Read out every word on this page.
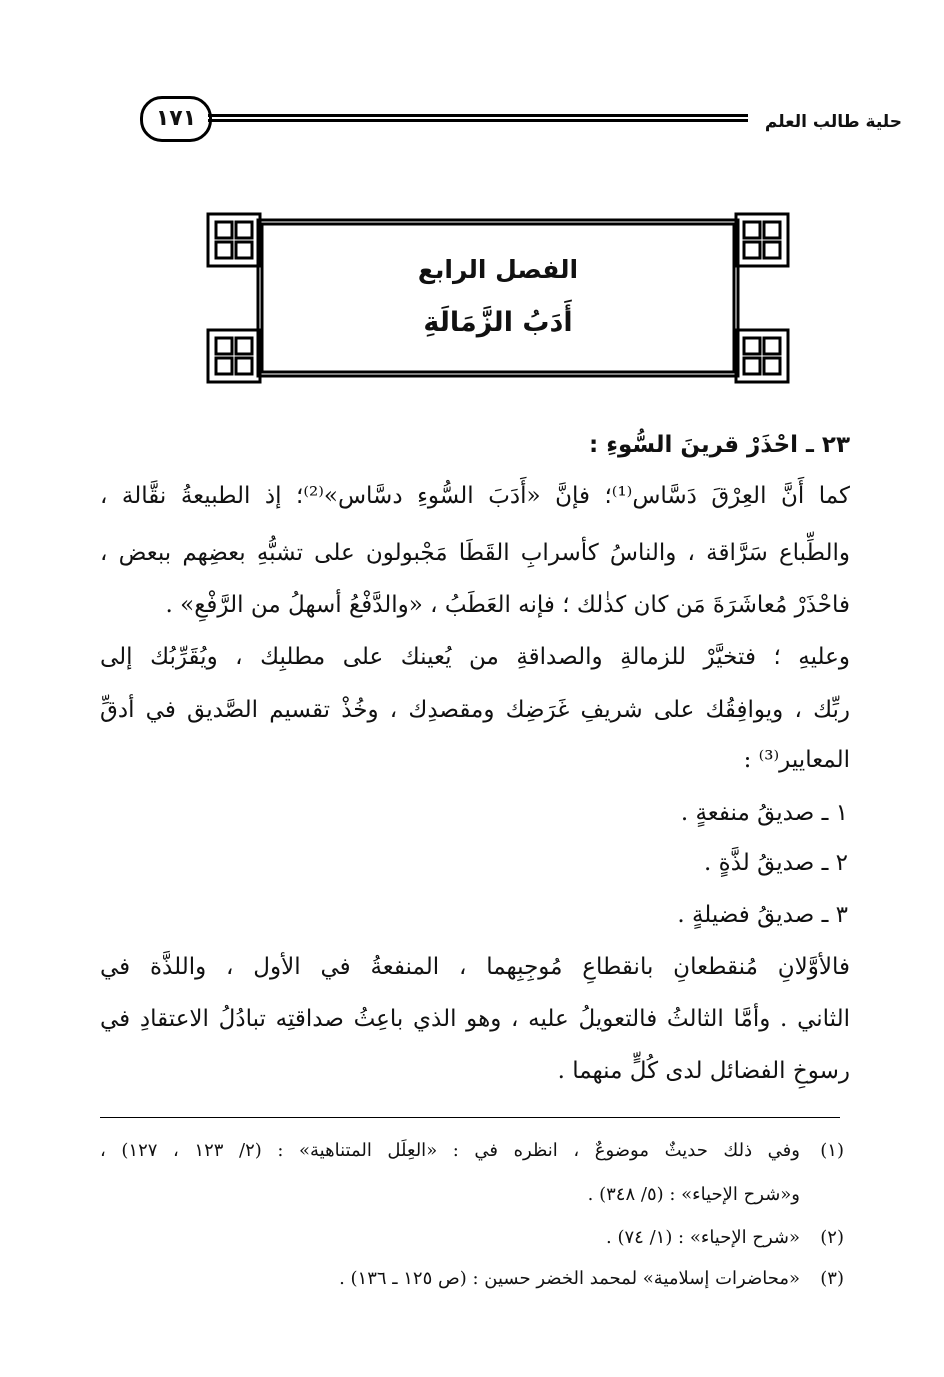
حلية طالب العلم
١٧١
الفصل الرابع
أَدَبُ الزَّمَالَةِ
٢٣ ـ احْذَرْ قرينَ السُّوءِ :
كما أَنَّ العِرْقَ دَسَّاس⁽¹⁾؛ فإنَّ «أَدَبَ السُّوءِ دسَّاس»⁽²⁾؛ إذ الطبيعةُ نقَّالة ،
والطِّباع سَرَّاقة ، والناسُ كأسرابِ القَطَا مَجْبولون على تشبُّهِ بعضِهم ببعض ،
فاحْذَرْ مُعاشَرَةَ مَن كان كذٰلك ؛ فإنه العَطَبُ ، «والدَّفْعُ أسهلُ من الرَّفْعِ» .
وعليهِ ؛ فتخيَّرْ للزمالةِ والصداقةِ من يُعينك على مطلبِك ، ويُقَرِّبُك إلى
ربِّك ، ويوافِقُك على شريفِ غَرَضِك ومقصدِك ، وخُذْ تقسيم الصَّديق في أدقِّ
المعايير⁽³⁾ :
١ ـ صديقُ منفعةٍ .
٢ ـ صديقُ لذَّةٍ .
٣ ـ صديقُ فضيلةٍ .
فالأوَّلانِ مُنقطعانِ بانقطاعِ مُوجِبِهما ، المنفعةُ في الأول ، واللذَّة في
الثاني . وأمَّا الثالثُ فالتعويلُ عليه ، وهو الذي باعِثُ صداقتِه تبادُلُ الاعتقادِ في
رسوخِ الفضائل لدى كُلٍّ منهما .
(١)
وفي ذلك حديثٌ موضوعٌ ، انظره في : «العِلَل المتناهية» : (٢/ ١٢٣ ، ١٢٧) ،
و«شرح الإحياء» : (٥/ ٣٤٨) .
(٢)
«شرح الإحياء» : (١/ ٧٤) .
(٣)
«محاضرات إسلامية» لمحمد الخضر حسين : (ص ١٢٥ ـ ١٣٦) .
